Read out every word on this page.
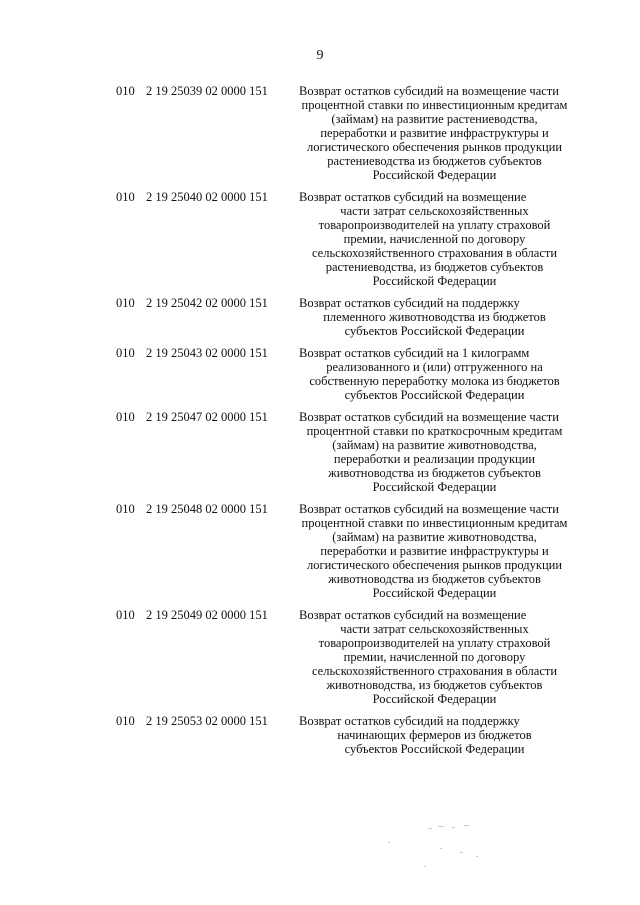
9
010 2 19 25039 02 0000 151 Возврат остатков субсидий на возмещение части
процентной ставки по инвестиционным кредитам
(займам) на развитие растениеводства,
переработки и развитие инфраструктуры и
логистического обеспечения рынков продукции
растениеводства из бюджетов субъектов
Российской Федерации
010 2 19 25040 02 0000 151 Возврат остатков субсидий на возмещение
части затрат сельскохозяйственных
товаропроизводителей на уплату страховой
премии, начисленной по договору
сельскохозяйственного страхования в области
растениеводства, из бюджетов субъектов
Российской Федерации
010 2 19 25042 02 0000 151 Возврат остатков субсидий на поддержку
племенного животноводства из бюджетов
субъектов Российской Федерации
010 2 19 25043 02 0000 151 Возврат остатков субсидий на 1 килограмм
реализованного и (или) отгруженного на
собственную переработку молока из бюджетов
субъектов Российской Федерации
010 2 19 25047 02 0000 151 Возврат остатков субсидий на возмещение части
процентной ставки по краткосрочным кредитам
(займам) на развитие животноводства,
переработки и реализации продукции
животноводства из бюджетов субъектов
Российской Федерации
010 2 19 25048 02 0000 151 Возврат остатков субсидий на возмещение части
процентной ставки по инвестиционным кредитам
(займам) на развитие животноводства,
переработки и развитие инфраструктуры и
логистического обеспечения рынков продукции
животноводства из бюджетов субъектов
Российской Федерации
010 2 19 25049 02 0000 151 Возврат остатков субсидий на возмещение
части затрат сельскохозяйственных
товаропроизводителей на уплату страховой
премии, начисленной по договору
сельскохозяйственного страхования в области
животноводства, из бюджетов субъектов
Российской Федерации
010 2 19 25053 02 0000 151 Возврат остатков субсидий на поддержку
начинающих фермеров из бюджетов
субъектов Российской Федерации
